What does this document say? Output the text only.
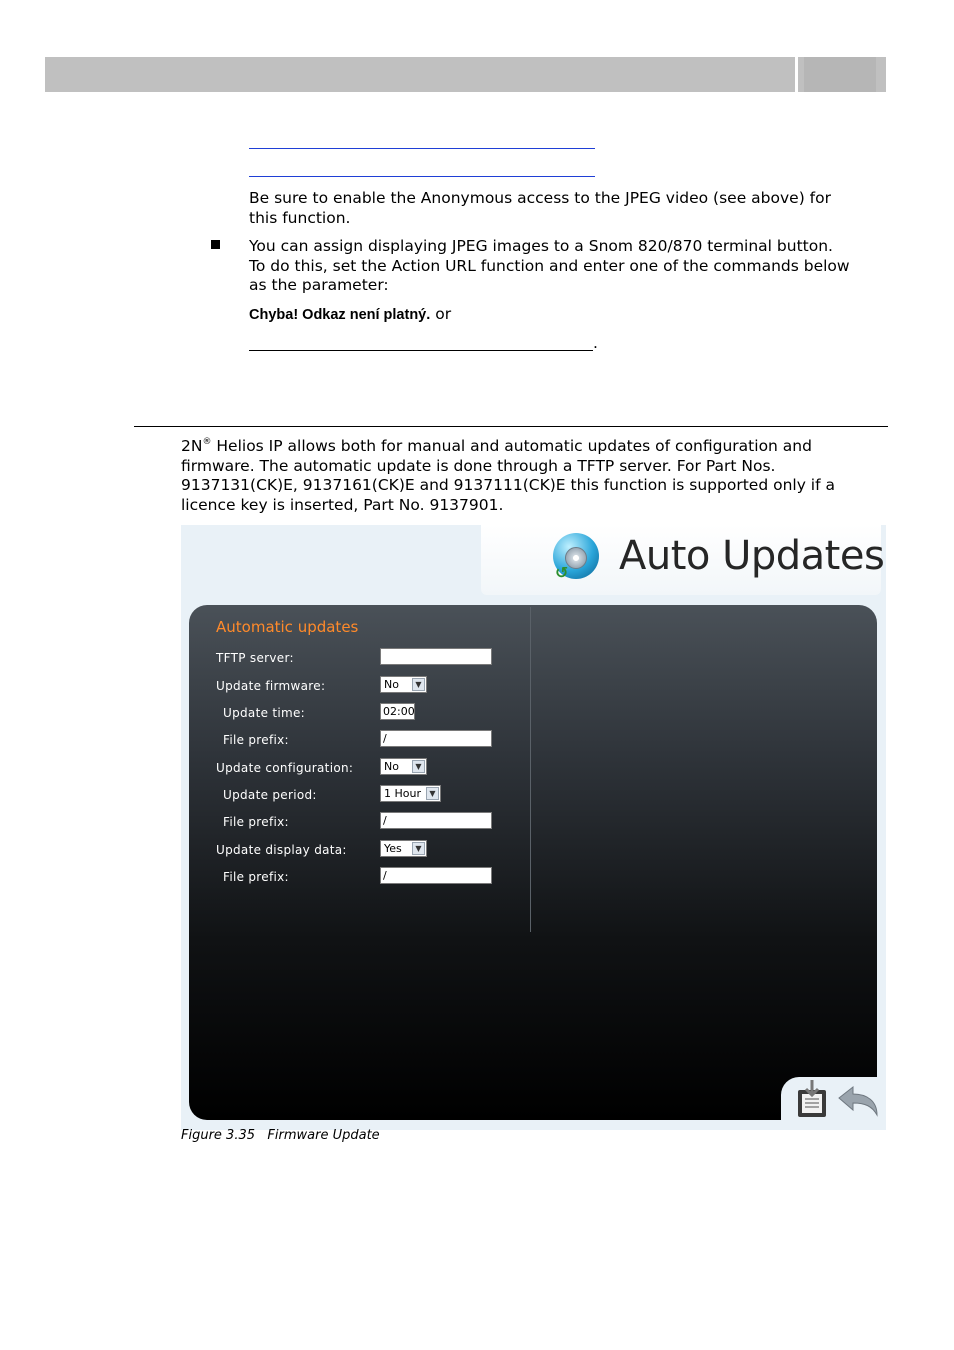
Be sure to enable the Anonymous access to the JPEG video (see above) for
this function.
You can assign displaying JPEG images to a Snom 820/870 terminal button.
To do this, set the Action URL function and enter one of the commands below
as the parameter:
Chyba! Odkaz není platný. or
.
2N® Helios IP allows both for manual and automatic updates of configuration and
firmware. The automatic update is done through a TFTP server. For Part Nos.
9137131(CK)E, 9137161(CK)E and 9137111(CK)E this function is supported only if a
licence key is inserted, Part No. 9137901.
↺ Auto Updates
Automatic updates
TFTP server:
Update firmware:	No	▼
Update time:	02:00
File prefix:	/
Update configuration:	No	▼
Update period:	1 Hour	▼
File prefix:	/
Update display data:	Yes	▼
File prefix:	/
Figure 3.35 Firmware Update
